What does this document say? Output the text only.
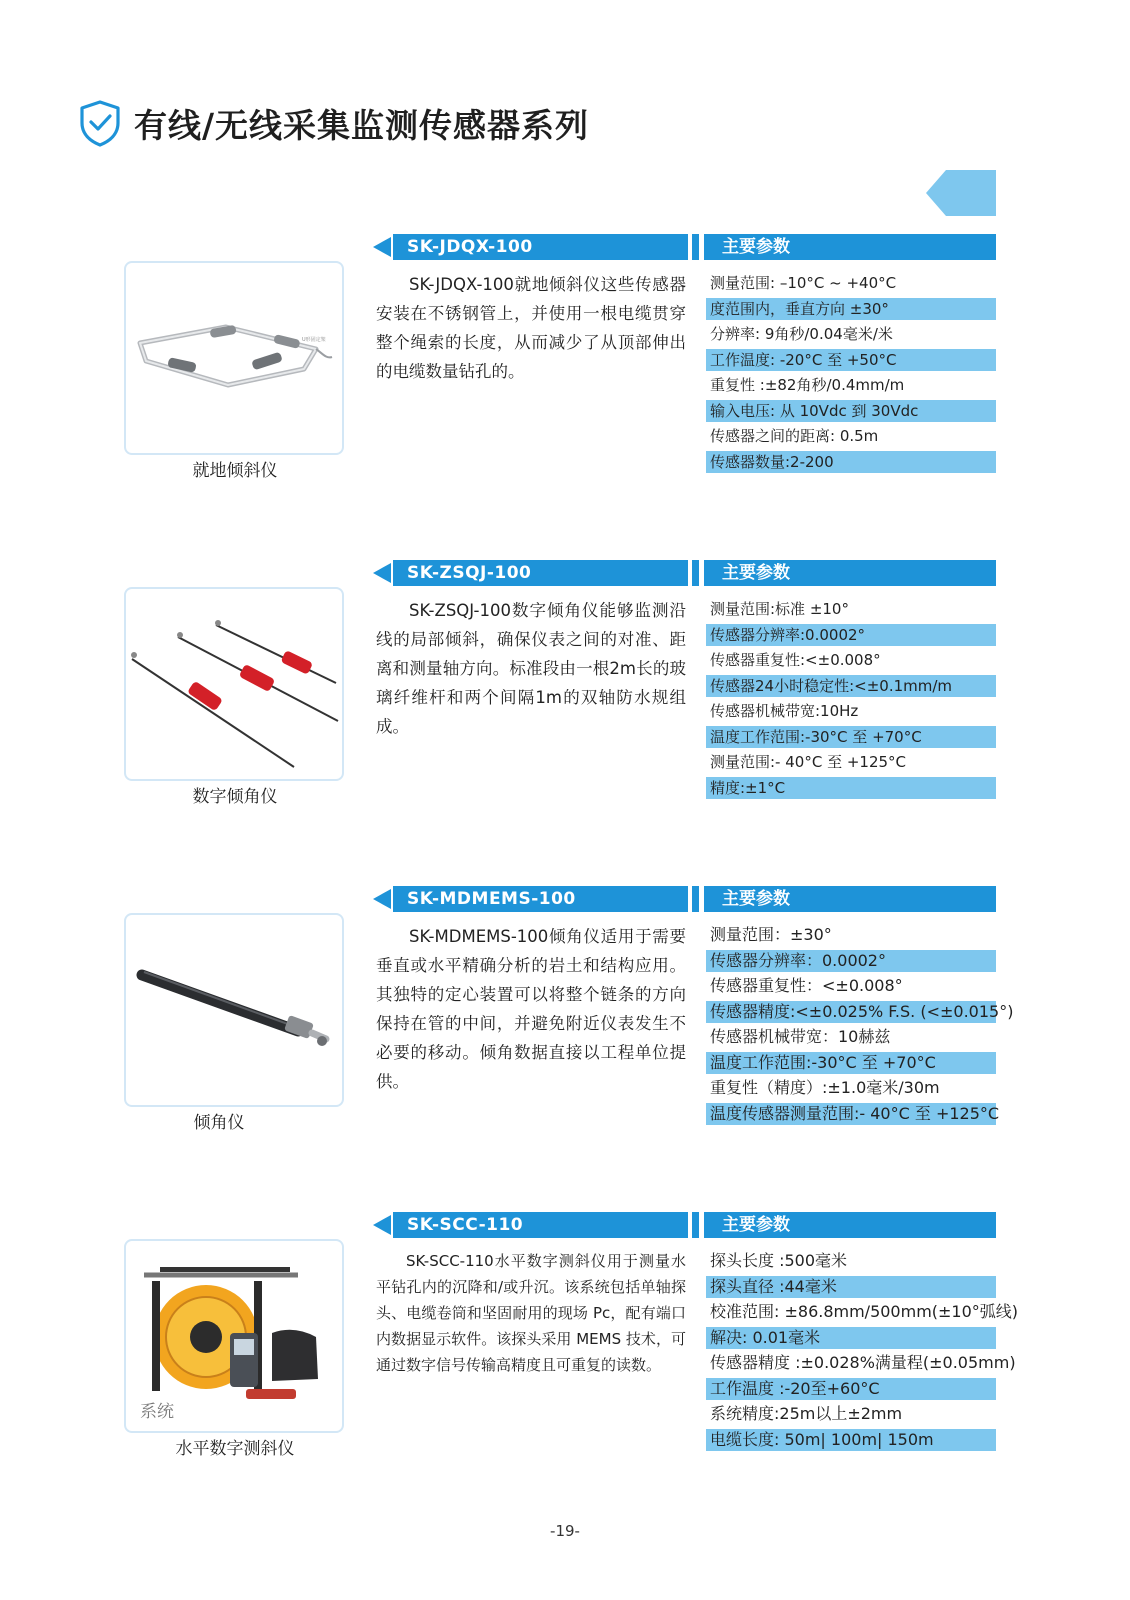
有线/无线采集监测传感器系列
U形固定架
就地倾斜仪
SK-JDQX-100	主要参数

SK-JDQX-100就地倾斜仪这些传感器安装在不锈钢管上，并使用一根电缆贯穿整个绳索的长度，从而减少了从顶部伸出的电缆数量钻孔的。

测量范围: –10°C ~ +40°C
度范围内，垂直方向 ±30°
分辨率: 9角秒/0.04毫米/米
工作温度: -20°C 至 +50°C
重复性 :±82角秒/0.4mm/m
输入电压: 从 10Vdc 到 30Vdc
传感器之间的距离: 0.5m
传感器数量:2-200
数字倾角仪
SK-ZSQJ-100	主要参数

SK-ZSQJ-100数字倾角仪能够监测沿线的局部倾斜，确保仪表之间的对准、距离和测量轴方向。标准段由一根2m长的玻璃纤维杆和两个间隔1m的双轴防水规组成。

测量范围:标准 ±10°
传感器分辨率:0.0002°
传感器重复性:<±0.008°
传感器24小时稳定性:<±0.1mm/m
传感器机械带宽:10Hz
温度工作范围:-30°C 至 +70°C
测量范围:- 40°C 至 +125°C
精度:±1°C
倾角仪
SK-MDMEMS-100	主要参数

SK-MDMEMS-100倾角仪适用于需要垂直或水平精确分析的岩土和结构应用。其独特的定心装置可以将整个链条的方向保持在管的中间，并避免附近仪表发生不必要的移动。倾角数据直接以工程单位提供。

测量范围：±30°
传感器分辨率：0.0002°
传感器重复性：<±0.008°
传感器精度:<±0.025% F.S. (<±0.015°)
传感器机械带宽：10赫兹
温度工作范围:-30°C 至 +70°C
重复性（精度）:±1.0毫米/30m
温度传感器测量范围:- 40°C 至 +125°C
系统
水平数字测斜仪
SK-SCC-110	主要参数

SK-SCC-110水平数字测斜仪用于测量水平钻孔内的沉降和/或升沉。该系统包括单轴探头、电缆卷筒和坚固耐用的现场 Pc，配有端口内数据显示软件。该探头采用 MEMS 技术，可通过数字信号传输高精度且可重复的读数。

探头长度 :500毫米
探头直径 :44毫米
校准范围: ±86.8mm/500mm(±10°弧线)
解决: 0.01毫米
传感器精度 :±0.028%满量程(±0.05mm)
工作温度 :-20至+60°C
系统精度:25m以上±2mm
电缆长度: 50m| 100m| 150m
-19-
